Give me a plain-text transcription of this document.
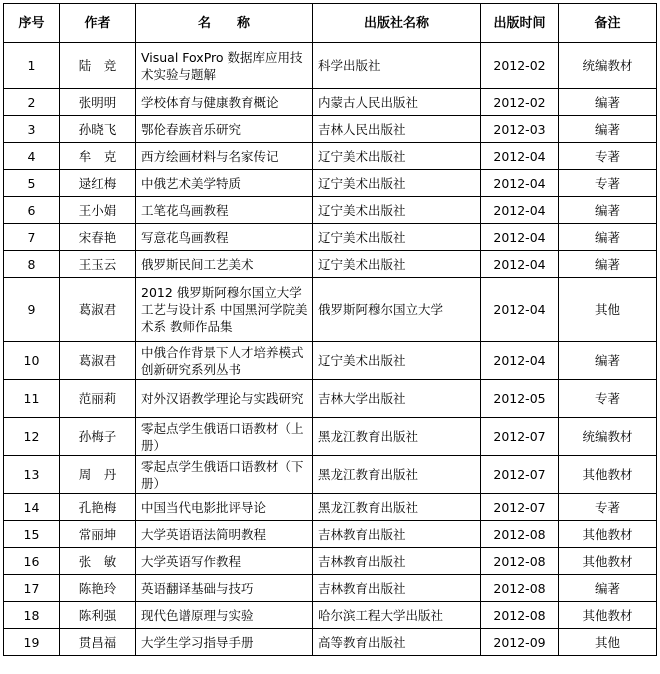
序号	作者	名　　称	出版社名称	出版时间	备注
1	陆　竞	Visual FoxPro 数据库应用技术实验与题解	科学出版社	2012-02	统编教材
2	张明明	学校体育与健康教育概论	内蒙古人民出版社	2012-02	编著
3	孙晓飞	鄂伦春族音乐研究	吉林人民出版社	2012-03	编著
4	牟　克	西方绘画材料与名家传记	辽宁美术出版社	2012-04	专著
5	逯红梅	中俄艺术美学特质	辽宁美术出版社	2012-04	专著
6	王小娟	工笔花鸟画教程	辽宁美术出版社	2012-04	编著
7	宋春艳	写意花鸟画教程	辽宁美术出版社	2012-04	编著
8	王玉云	俄罗斯民间工艺美术	辽宁美术出版社	2012-04	编著
9	葛淑君	2012 俄罗斯阿穆尔国立大学工艺与设计系 中国黑河学院美术系 教师作品集	俄罗斯阿穆尔国立大学	2012-04	其他
10	葛淑君	中俄合作背景下人才培养模式创新研究系列丛书	辽宁美术出版社	2012-04	编著
11	范丽莉	对外汉语教学理论与实践研究	吉林大学出版社	2012-05	专著
12	孙梅子	零起点学生俄语口语教材（上册）	黑龙江教育出版社	2012-07	统编教材
13	周　丹	零起点学生俄语口语教材（下册）	黑龙江教育出版社	2012-07	其他教材
14	孔艳梅	中国当代电影批评导论	黑龙江教育出版社	2012-07	专著
15	常丽坤	大学英语语法简明教程	吉林教育出版社	2012-08	其他教材
16	张　敏	大学英语写作教程	吉林教育出版社	2012-08	其他教材
17	陈艳玲	英语翻译基础与技巧	吉林教育出版社	2012-08	编著
18	陈利强	现代色谱原理与实验	哈尔滨工程大学出版社	2012-08	其他教材
19	贯昌福	大学生学习指导手册	高等教育出版社	2012-09	其他
